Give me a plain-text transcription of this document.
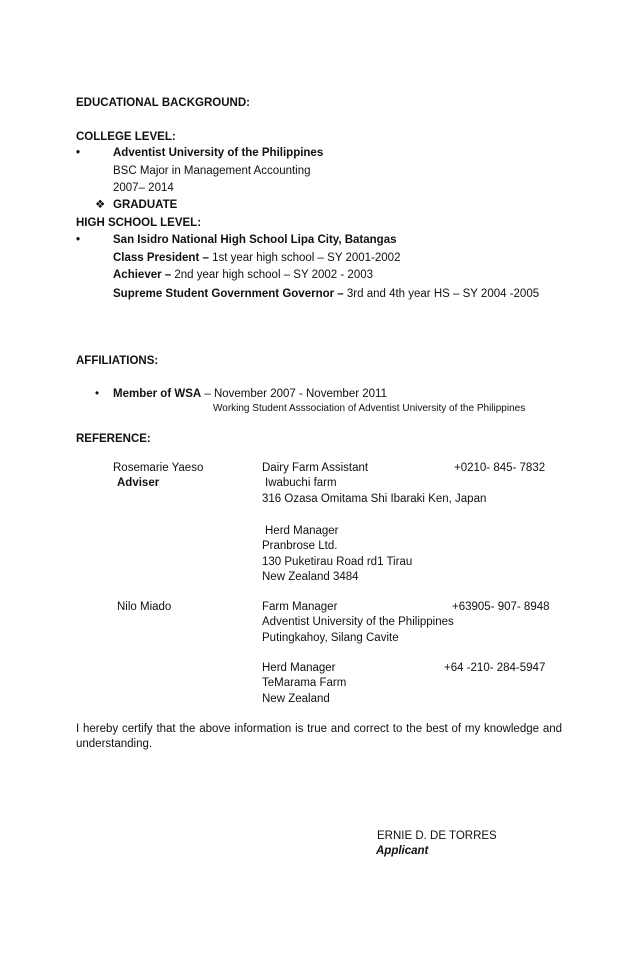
EDUCATIONAL BACKGROUND:
COLLEGE LEVEL:
•	Adventist University of the Philippines
BSC Major in Management Accounting
2007– 2014
❖ GRADUATE
HIGH SCHOOL LEVEL:
•	San Isidro National High School Lipa City, Batangas
Class President – 1st year high school – SY 2001-2002
Achiever – 2nd year high school – SY 2002 - 2003
Supreme Student Government Governor – 3rd and 4th year HS – SY 2004 -2005
AFFILIATIONS:
• Member of WSA – November 2007 - November 2011
Working Student Asssociation of Adventist University of the Philippines
REFERENCE:
Rosemarie Yaeso	Dairy Farm Assistant	+0210- 845- 7832
Adviser	Iwabuchi farm
316 Ozasa Omitama Shi Ibaraki Ken, Japan
Herd Manager
Pranbrose Ltd.
130 Puketirau Road rd1 Tirau
New Zealand 3484
Nilo Miado	Farm Manager	+63905- 907- 8948
Adventist University of the Philippines
Putingkahoy, Silang Cavite
Herd Manager	+64 -210- 284-5947
TeMarama Farm
New Zealand
I hereby certify that the above information is true and correct to the best of my knowledge and understanding.
ERNIE D. DE TORRES
Applicant
